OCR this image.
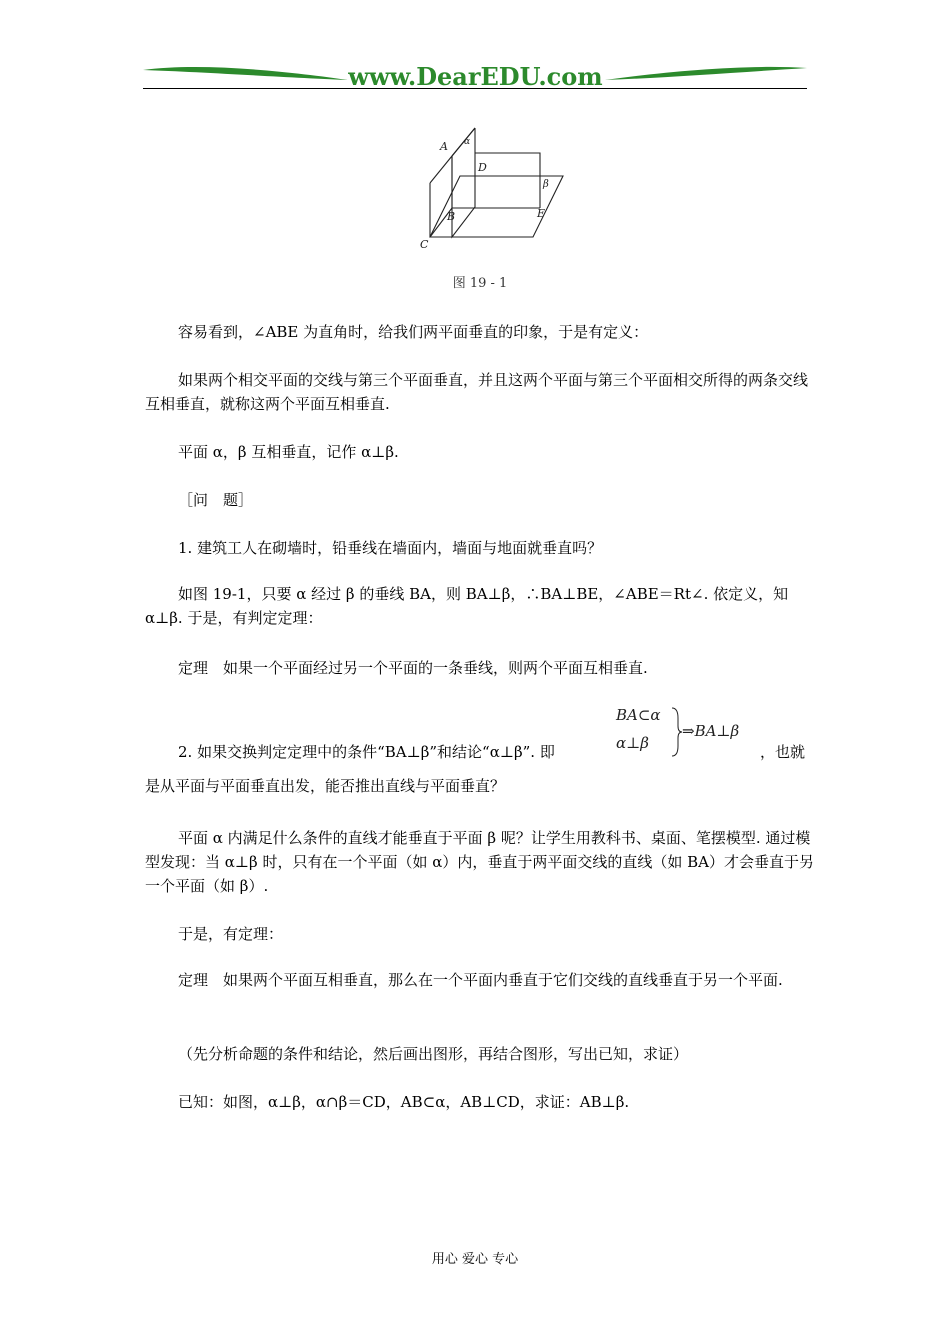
www.DearEDU.com
A α
D
β
B	E
C
图 19 - 1

容易看到，∠ABE 为直角时，给我们两平面垂直的印象，于是有定义：

如果两个相交平面的交线与第三个平面垂直，并且这两个平面与第三个平面相交所得的两条交线互相垂直，就称这两个平面互相垂直.

平面 α，β 互相垂直，记作 α⊥β.

［问　题］

1. 建筑工人在砌墙时，铅垂线在墙面内，墙面与地面就垂直吗？

如图 19-1，只要 α 经过 β 的垂线 BA，则 BA⊥β，∴BA⊥BE，∠ABE＝Rt∠. 依定义，知 α⊥β. 于是，有判定定理：

定理　如果一个平面经过另一个平面的一条垂线，则两个平面互相垂直.

2. 如果交换判定定理中的条件“BA⊥β”和结论“α⊥β”. 即
BA⊂α
α⊥β
⇒BA⊥β
，也就

是从平面与平面垂直出发，能否推出直线与平面垂直？

平面 α 内满足什么条件的直线才能垂直于平面 β 呢？让学生用教科书、桌面、笔摆模型. 通过模型发现：当 α⊥β 时，只有在一个平面（如 α）内，垂直于两平面交线的直线（如 BA）才会垂直于另一个平面（如 β）.

于是，有定理：

定理　如果两个平面互相垂直，那么在一个平面内垂直于它们交线的直线垂直于另一个平面.

（先分析命题的条件和结论，然后画出图形，再结合图形，写出已知，求证）

已知：如图，α⊥β，α∩β＝CD，AB⊂α，AB⊥CD，求证：AB⊥β.

用心 爱心 专心
